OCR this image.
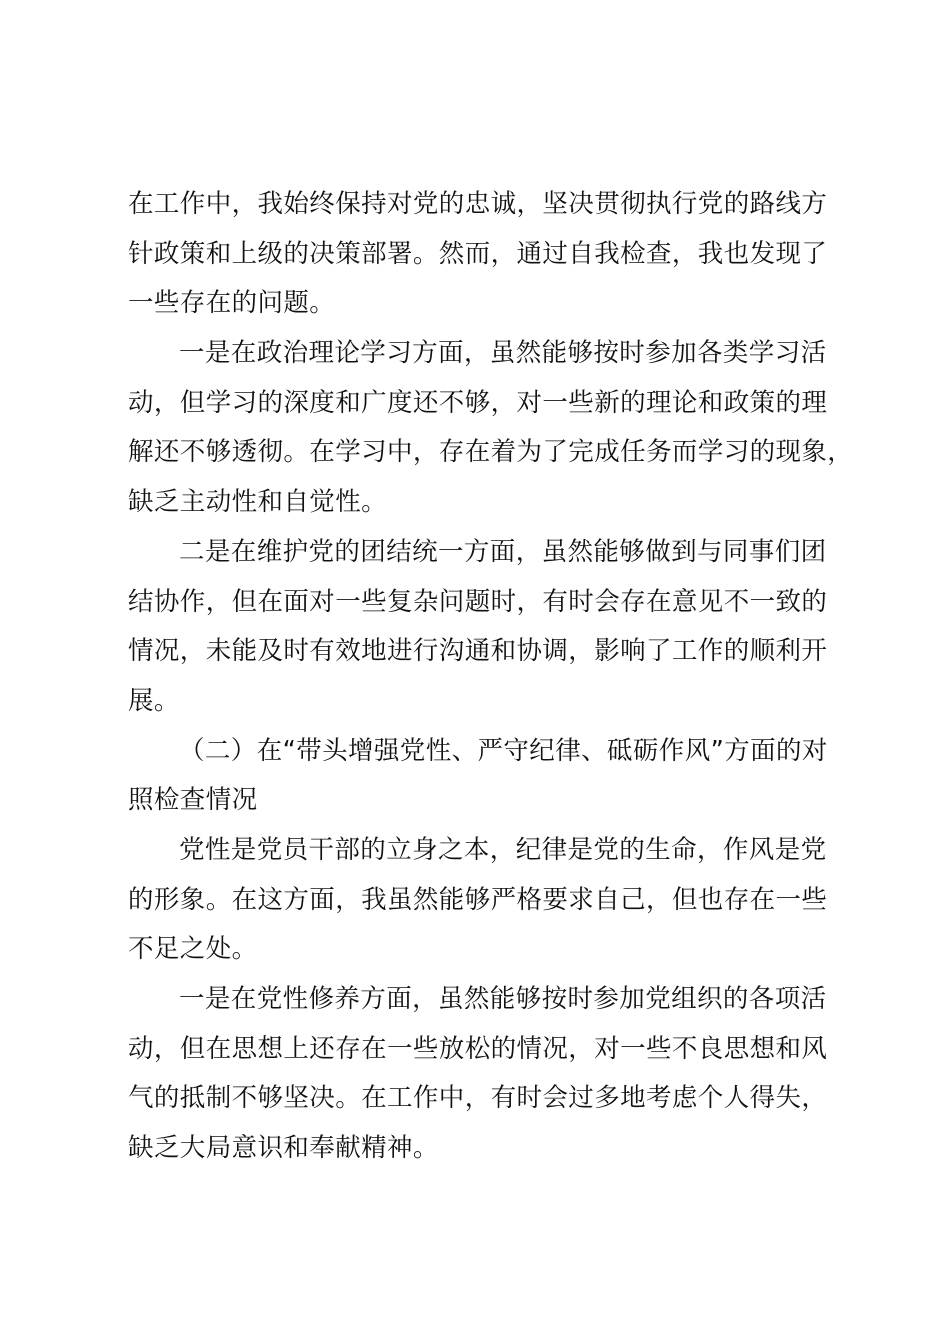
在工作中，我始终保持对党的忠诚，坚决贯彻执行党的路线方
针政策和上级的决策部署。然而，通过自我检查，我也发现了
一些存在的问题。
一是在政治理论学习方面，虽然能够按时参加各类学习活
动，但学习的深度和广度还不够，对一些新的理论和政策的理
解还不够透彻。在学习中，存在着为了完成任务而学习的现象，
缺乏主动性和自觉性。
二是在维护党的团结统一方面，虽然能够做到与同事们团
结协作，但在面对一些复杂问题时，有时会存在意见不一致的
情况，未能及时有效地进行沟通和协调，影响了工作的顺利开
展。
（二）在“带头增强党性、严守纪律、砥砺作风”方面的对
照检查情况
党性是党员干部的立身之本，纪律是党的生命，作风是党
的形象。在这方面，我虽然能够严格要求自己，但也存在一些
不足之处。
一是在党性修养方面，虽然能够按时参加党组织的各项活
动，但在思想上还存在一些放松的情况，对一些不良思想和风
气的抵制不够坚决。在工作中，有时会过多地考虑个人得失，
缺乏大局意识和奉献精神。
